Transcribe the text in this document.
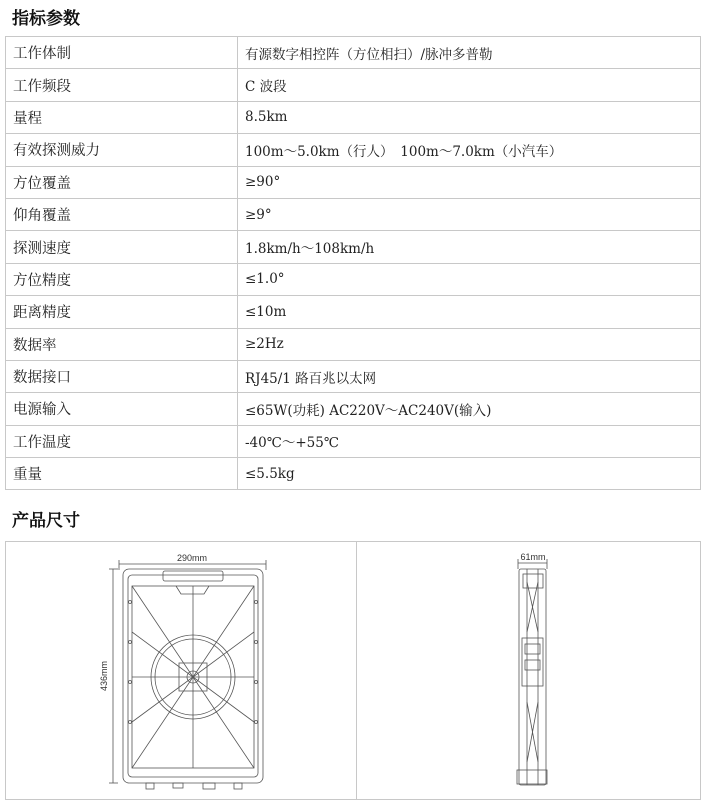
指标参数
工作体制	有源数字相控阵（方位相扫）/脉冲多普勒
工作频段	C 波段
量程	8.5km
有效探测威力	100m～5.0km（行人）　100m～7.0km（小汽车）
方位覆盖	≥90°
仰角覆盖	≥9°
探测速度	1.8km/h～108km/h
方位精度	≤1.0°
距离精度	≤10m
数据率	≥2Hz
数据接口	RJ45/1 路百兆以太网
电源输入	≤65W(功耗) AC220V～AC240V(输入)
工作温度	-40℃～+55℃
重量	≤5.5kg
产品尺寸
290mm
436mm
61mm
